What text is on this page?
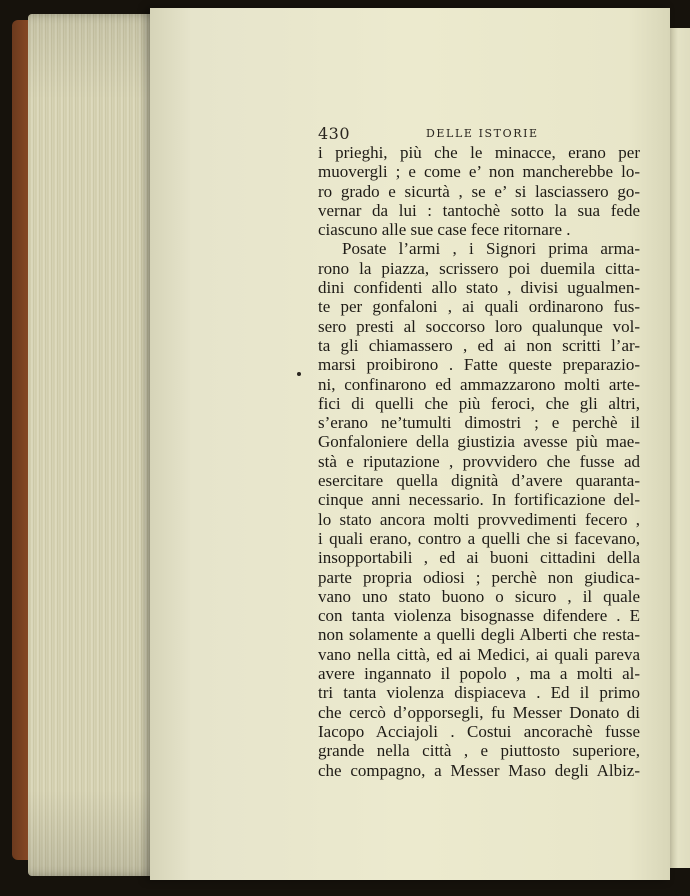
430	DELLE ISTORIE
i prieghi, più che le minacce, erano per
muovergli ; e come e’ non mancherebbe lo-
ro grado e sicurtà , se e’ si lasciassero go-
vernar da lui : tantochè sotto la sua fede
ciascuno alle sue case fece ritornare .
Posate l’armi , i Signori prima arma-
rono la piazza, scrissero poi duemila citta-
dini confidenti allo stato , divisi ugualmen-
te per gonfaloni , ai quali ordinarono fus-
sero presti al soccorso loro qualunque vol-
ta gli chiamassero , ed ai non scritti l’ar-
marsi proibirono . Fatte queste preparazio-
ni, confinarono ed ammazzarono molti arte-
fici di quelli che più feroci, che gli altri,
s’erano ne’tumulti dimostri ; e perchè il
Gonfaloniere della giustizia avesse più mae-
stà e riputazione , provvidero che fusse ad
esercitare quella dignità d’avere quaranta-
cinque anni necessario. In fortificazione del-
lo stato ancora molti provvedimenti fecero ,
i quali erano, contro a quelli che si facevano,
insopportabili , ed ai buoni cittadini della
parte propria odiosi ; perchè non giudica-
vano uno stato buono o sicuro , il quale
con tanta violenza bisognasse difendere . E
non solamente a quelli degli Alberti che resta-
vano nella città, ed ai Medici, ai quali pareva
avere ingannato il popolo , ma a molti al-
tri tanta violenza dispiaceva . Ed il primo
che cercò d’opporsegli, fu Messer Donato di
Iacopo Acciajoli . Costui ancorachè fusse
grande nella città , e piuttosto superiore,
che compagno, a Messer Maso degli Albiz-
